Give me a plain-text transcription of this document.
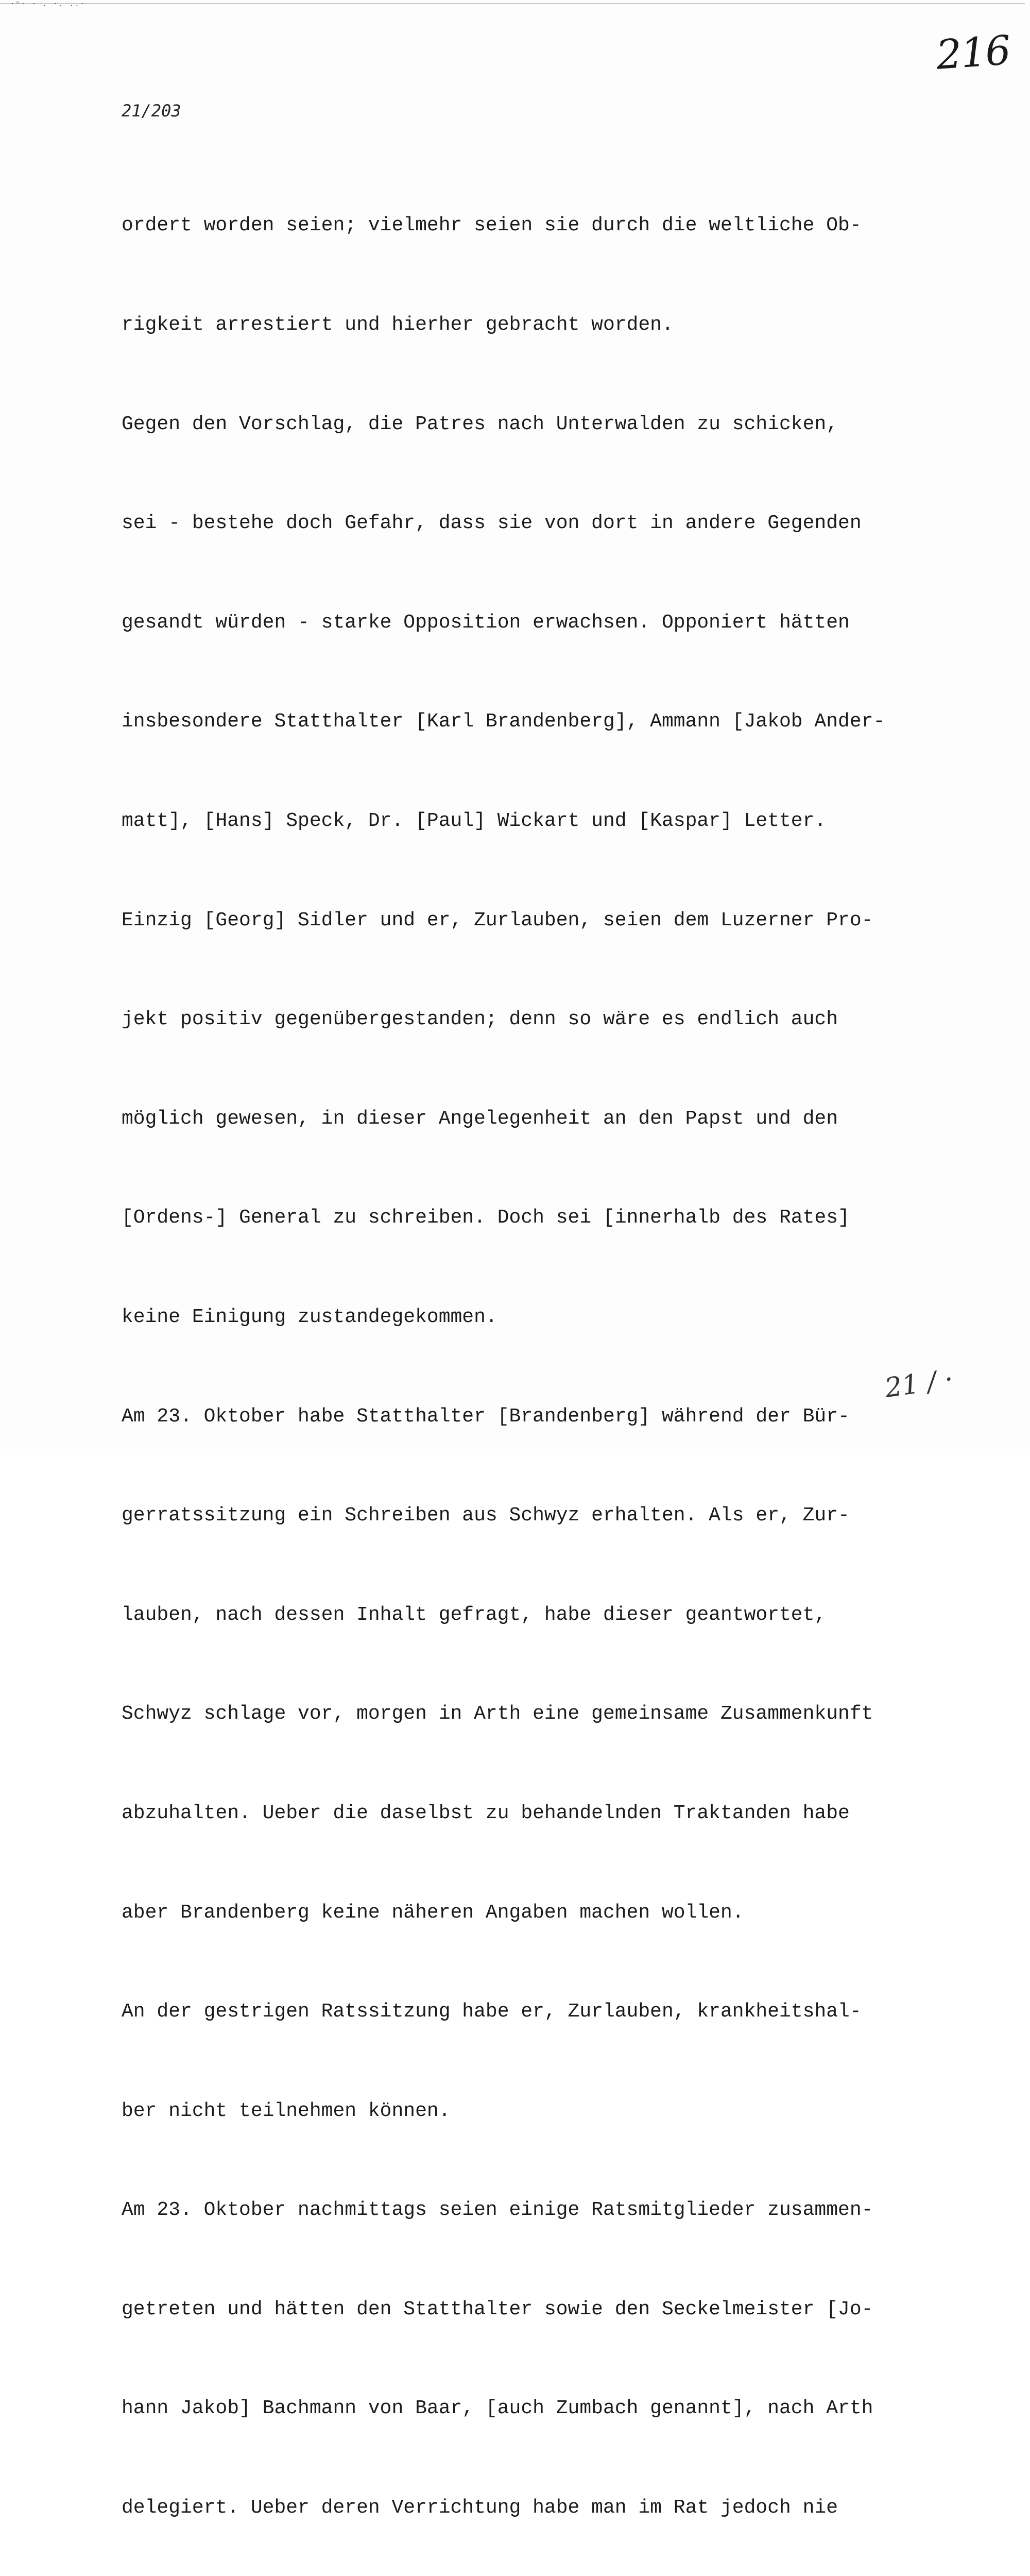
·ⁿ· · . ·. ..·
216
21/203

ordert worden seien; vielmehr seien sie durch die weltliche Ob-

rigkeit arrestiert und hierher gebracht worden.

Gegen den Vorschlag, die Patres nach Unterwalden zu schicken,

sei - bestehe doch Gefahr, dass sie von dort in andere Gegenden

gesandt würden - starke Opposition erwachsen. Opponiert hätten

insbesondere Statthalter [Karl Brandenberg], Ammann [Jakob Ander-

matt], [Hans] Speck, Dr. [Paul] Wickart und [Kaspar] Letter.

Einzig [Georg] Sidler und er, Zurlauben, seien dem Luzerner Pro-

jekt positiv gegenübergestanden; denn so wäre es endlich auch

möglich gewesen, in dieser Angelegenheit an den Papst und den

[Ordens-] General zu schreiben. Doch sei [innerhalb des Rates]

keine Einigung zustandegekommen.

Am 23. Oktober habe Statthalter [Brandenberg] während der Bür-

gerratssitzung ein Schreiben aus Schwyz erhalten. Als er, Zur-

lauben, nach dessen Inhalt gefragt, habe dieser geantwortet,

Schwyz schlage vor, morgen in Arth eine gemeinsame Zusammenkunft

abzuhalten. Ueber die daselbst zu behandelnden Traktanden habe

aber Brandenberg keine näheren Angaben machen wollen.

An der gestrigen Ratssitzung habe er, Zurlauben, krankheitshal-

ber nicht teilnehmen können.

Am 23. Oktober nachmittags seien einige Ratsmitglieder zusammen-

getreten und hätten den Statthalter sowie den Seckelmeister [Jo-

hann Jakob] Bachmann von Baar, [auch Zumbach genannt], nach Arth

delegiert. Ueber deren Verrichtung habe man im Rat jedoch nie

21 / ·
